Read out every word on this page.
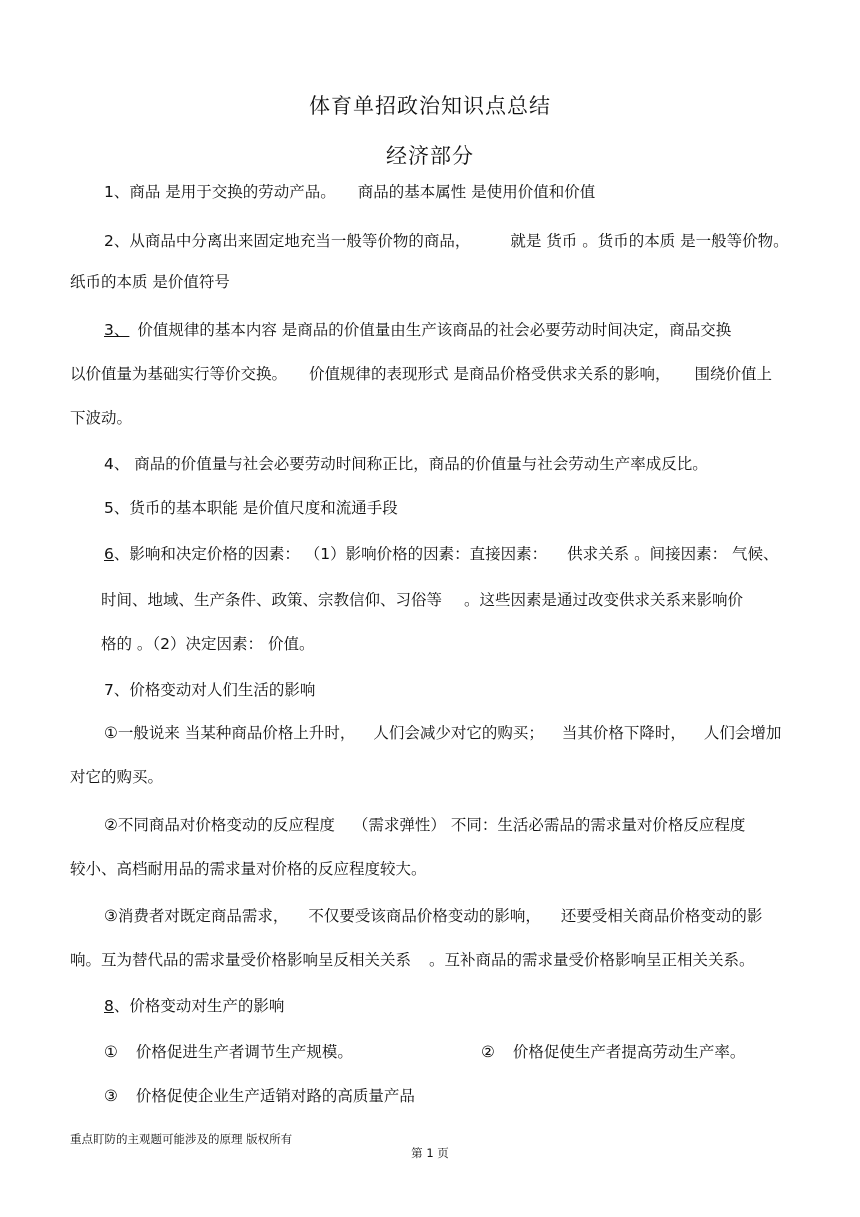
体育单招政治知识点总结
经济部分
1、商品 是用于交换的劳动产品。 商品的基本属性 是使用价值和价值
2、从商品中分离出来固定地充当一般等价物的商品，	就是 货币 。货币的本质 是一般等价物。
纸币的本质 是价值符号
3、 价值规律的基本内容 是商品的价值量由生产该商品的社会必要劳动时间决定，商品交换
以价值量为基础实行等价交换。 价值规律的表现形式 是商品价格受供求关系的影响， 围绕价值上
下波动。
4、 商品的价值量与社会必要劳动时间称正比，商品的价值量与社会劳动生产率成反比。
5、货币的基本职能 是价值尺度和流通手段
6、影响和决定价格的因素： （1）影响价格的因素：直接因素： 供求关系 。间接因素： 气候、
时间、地域、生产条件、政策、宗教信仰、习俗等 。这些因素是通过改变供求关系来影响价
格的 。（2）决定因素： 价值。
7、价格变动对人们生活的影响
①一般说来 当某种商品价格上升时， 人们会减少对它的购买； 当其价格下降时， 人们会增加
对它的购买。
②不同商品对价格变动的反应程度 （需求弹性） 不同：生活必需品的需求量对价格反应程度
较小、高档耐用品的需求量对价格的反应程度较大。
③消费者对既定商品需求， 不仅要受该商品价格变动的影响， 还要受相关商品价格变动的影
响。互为替代品的需求量受价格影响呈反相关关系 。互补商品的需求量受价格影响呈正相关关系。
8、价格变动对生产的影响
① 价格促进生产者调节生产规模。	② 价格促使生产者提高劳动生产率。
③ 价格促使企业生产适销对路的高质量产品
重点盯防的主观题可能涉及的原理 版权所有
第 1 页
